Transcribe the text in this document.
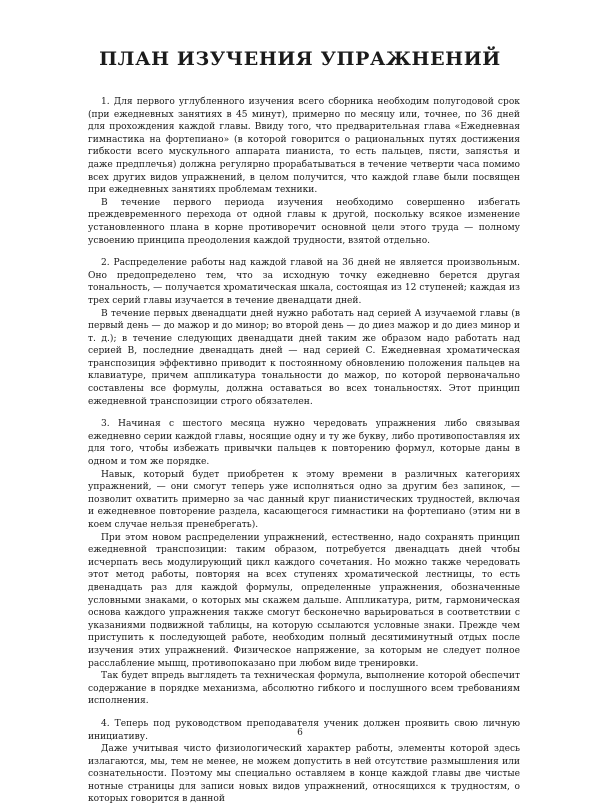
ПЛАН ИЗУЧЕНИЯ УПРАЖНЕНИЙ

1. Для первого углубленного изучения всего сборника необходим полугодовой срок (при ежедневных занятиях в 45 минут), примерно по месяцу или, точнее, по 36 дней для прохождения каждой главы. Ввиду того, что предварительная глава «Ежедневная гимнастика на фортепиано» (в которой говорится о рациональных путях достижения гибкости всего мускульного аппарата пианиста, то есть пальцев, пясти, запястья и даже предплечья) должна регулярно прорабатываться в течение четверти часа помимо всех других видов упражнений, в целом получится, что каждой главе были посвящен при ежедневных занятиях проблемам техники.

В течение первого периода изучения необходимо совершенно избегать преждевременного перехода от одной главы к другой, поскольку всякое изменение установленного плана в корне противоречит основной цели этого труда — полному усвоению принципа преодоления каждой трудности, взятой отдельно.

2. Распределение работы над каждой главой на 36 дней не является произвольным. Оно предопределено тем, что за исходную точку ежедневно берется другая тональность, — получается хроматическая шкала, состоящая из 12 ступеней; каждая из трех серий главы изучается в течение двенадцати дней.

В течение первых двенадцати дней нужно работать над серией А изучаемой главы (в первый день — до мажор и до минор; во второй день — до диез мажор и до диез минор и т. д.); в течение следующих двенадцати дней таким же образом надо работать над серией В, последние двенадцать дней — над серией С. Ежедневная хроматическая транспозиция эффективно приводит к постоянному обновлению положения пальцев на клавиатуре, причем аппликатура тональности до мажор, по которой первоначально составлены все формулы, должна оставаться во всех тональностях. Этот принцип ежедневной транспозиции строго обязателен.

3. Начиная с шестого месяца нужно чередовать упражнения либо связывая ежедневно серии каждой главы, носящие одну и ту же букву, либо противопоставляя их для того, чтобы избежать привычки пальцев к повторению формул, которые даны в одном и том же порядке.

Навык, который будет приобретен к этому времени в различных категориях упражнений, — они смогут теперь уже исполняться одно за другим без запинок, — позволит охватить примерно за час данный круг пианистических трудностей, включая и ежедневное повторение раздела, касающегося гимнастики на фортепиано (этим ни в коем случае нельзя пренебрегать).

При этом новом распределении упражнений, естественно, надо сохранять принцип ежедневной транспозиции: таким образом, потребуется двенадцать дней чтобы исчерпать весь модулирующий цикл каждого сочетания. Но можно также чередовать этот метод работы, повторяя на всех ступенях хроматической лестницы, то есть двенадцать раз для каждой формулы, определенные упражнения, обозначенные условными знаками, о которых мы скажем дальше. Аппликатура, ритм, гармоническая основа каждого упражнения также смогут бесконечно варьироваться в соответствии с указаниями подвижной таблицы, на которую ссылаются условные знаки. Прежде чем приступить к последующей работе, необходим полный десятиминутный отдых после изучения этих упражнений. Физическое напряжение, за которым не следует полное расслабление мышц, противопоказано при любом виде тренировки.

Так будет впредь выглядеть та техническая формула, выполнение которой обеспечит содержание в порядке механизма, абсолютно гибкого и послушного всем требованиям исполнения.

4. Теперь под руководством преподавателя ученик должен проявить свою личную инициативу.

Даже учитывая чисто физиологический характер работы, элементы которой здесь излагаются, мы, тем не менее, не можем допустить в ней отсутствие размышления или сознательности. Поэтому мы специально оставляем в конце каждой главы две чистые нотные страницы для записи новых видов упражнений, относящихся к трудностям, о которых говорится в данной

6
